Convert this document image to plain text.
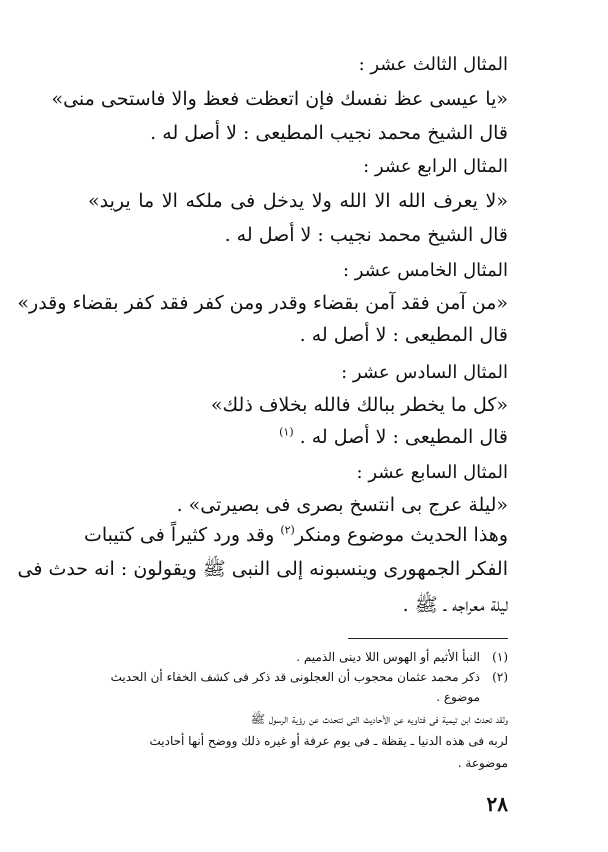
المثال الثالث عشر :
«يا عيسى عظ نفسك فإن اتعظت فعظ والا فاستحى منى»
قال الشيخ محمد نجيب المطيعى : لا أصل له .
المثال الرابع عشر :
«لا يعرف الله الا الله ولا يدخل فى ملكه الا ما يريد»
قال الشيخ محمد نجيب : لا أصل له .
المثال الخامس عشر :
«من آمن فقد آمن بقضاء وقدر ومن كفر فقد كفر بقضاء وقدر»
قال المطيعى : لا أصل له .
المثال السادس عشر :
«كل ما يخطر ببالك فالله بخلاف ذلك»
قال المطيعى : لا أصل له . $^{(١)}$
المثال السابع عشر :
«ليلة عرج بى انتسخ بصرى فى بصيرتى» .
وهذا الحديث موضوع ومنكر$^{(٢)}$ وقد ورد كثيراً فى كتيبات
الفكر الجمهورى وينسبونه إلى النبى ﷺ ويقولون : انه حدث فى
ليلة معراجه ـ ﷺ .
(١)
النبأ الأثيم أو الهوس اللا دينى الذميم .
(٢)
ذكر محمد عثمان محجوب أن العجلونى قد ذكر فى كشف الخفاء أن الحديث
موضوع .
ولقد تحدث ابن تيمية فى فتاويه عن الأحاديث التى تتحدث عن رؤية الرسول ﷺ
لربه فى هذه الدنيا ـ يقظة ـ فى يوم عرفة أو غيره ذلك ووضح أنها أحاديث
موضوعة .
٢٨
